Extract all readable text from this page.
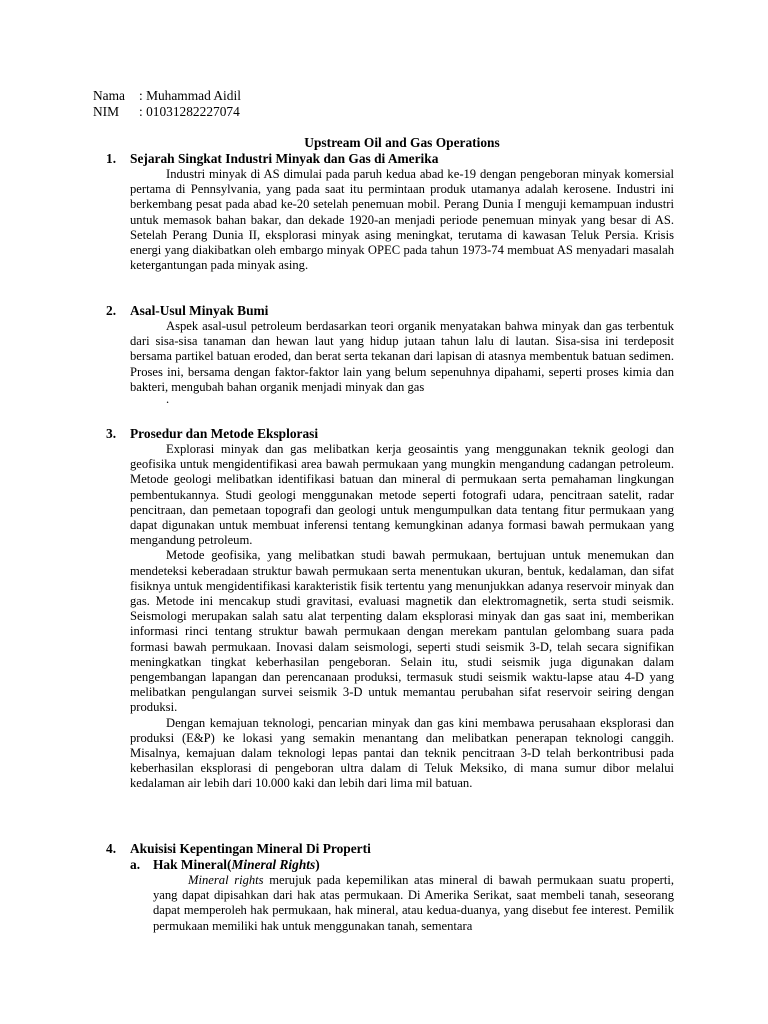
Nama : Muhammad Aidil
NIM : 01031282227074
Upstream Oil and Gas Operations
1. Sejarah Singkat Industri Minyak dan Gas di Amerika

Industri minyak di AS dimulai pada paruh kedua abad ke-19 dengan pengeboran minyak komersial pertama di Pennsylvania, yang pada saat itu permintaan produk utamanya adalah kerosene. Industri ini berkembang pesat pada abad ke-20 setelah penemuan mobil. Perang Dunia I menguji kemampuan industri untuk memasok bahan bakar, dan dekade 1920-an menjadi periode penemuan minyak yang besar di AS. Setelah Perang Dunia II, eksplorasi minyak asing meningkat, terutama di kawasan Teluk Persia. Krisis energi yang diakibatkan oleh embargo minyak OPEC pada tahun 1973-74 membuat AS menyadari masalah ketergantungan pada minyak asing.

2. Asal-Usul Minyak Bumi

Aspek asal-usul petroleum berdasarkan teori organik menyatakan bahwa minyak dan gas terbentuk dari sisa-sisa tanaman dan hewan laut yang hidup jutaan tahun lalu di lautan. Sisa-sisa ini terdeposit bersama partikel batuan eroded, dan berat serta tekanan dari lapisan di atasnya membentuk batuan sedimen. Proses ini, bersama dengan faktor-faktor lain yang belum sepenuhnya dipahami, seperti proses kimia dan bakteri, mengubah bahan organik menjadi minyak dan gas

.
3. Prosedur dan Metode Eksplorasi

Explorasi minyak dan gas melibatkan kerja geosaintis yang menggunakan teknik geologi dan geofisika untuk mengidentifikasi area bawah permukaan yang mungkin mengandung cadangan petroleum. Metode geologi melibatkan identifikasi batuan dan mineral di permukaan serta pemahaman lingkungan pembentukannya. Studi geologi menggunakan metode seperti fotografi udara, pencitraan satelit, radar pencitraan, dan pemetaan topografi dan geologi untuk mengumpulkan data tentang fitur permukaan yang dapat digunakan untuk membuat inferensi tentang kemungkinan adanya formasi bawah permukaan yang mengandung petroleum.

Metode geofisika, yang melibatkan studi bawah permukaan, bertujuan untuk menemukan dan mendeteksi keberadaan struktur bawah permukaan serta menentukan ukuran, bentuk, kedalaman, dan sifat fisiknya untuk mengidentifikasi karakteristik fisik tertentu yang menunjukkan adanya reservoir minyak dan gas. Metode ini mencakup studi gravitasi, evaluasi magnetik dan elektromagnetik, serta studi seismik. Seismologi merupakan salah satu alat terpenting dalam eksplorasi minyak dan gas saat ini, memberikan informasi rinci tentang struktur bawah permukaan dengan merekam pantulan gelombang suara pada formasi bawah permukaan. Inovasi dalam seismologi, seperti studi seismik 3-D, telah secara signifikan meningkatkan tingkat keberhasilan pengeboran. Selain itu, studi seismik juga digunakan dalam pengembangan lapangan dan perencanaan produksi, termasuk studi seismik waktu-lapse atau 4-D yang melibatkan pengulangan survei seismik 3-D untuk memantau perubahan sifat reservoir seiring dengan produksi.

Dengan kemajuan teknologi, pencarian minyak dan gas kini membawa perusahaan eksplorasi dan produksi (E&P) ke lokasi yang semakin menantang dan melibatkan penerapan teknologi canggih. Misalnya, kemajuan dalam teknologi lepas pantai dan teknik pencitraan 3-D telah berkontribusi pada keberhasilan eksplorasi di pengeboran ultra dalam di Teluk Meksiko, di mana sumur dibor melalui kedalaman air lebih dari 10.000 kaki dan lebih dari lima mil batuan.

4. Akuisisi Kepentingan Mineral Di Properti
a. Hak Mineral(Mineral Rights)

Mineral rights merujuk pada kepemilikan atas mineral di bawah permukaan suatu properti, yang dapat dipisahkan dari hak atas permukaan. Di Amerika Serikat, saat membeli tanah, seseorang dapat memperoleh hak permukaan, hak mineral, atau kedua-duanya, yang disebut fee interest. Pemilik permukaan memiliki hak untuk menggunakan tanah, sementara
